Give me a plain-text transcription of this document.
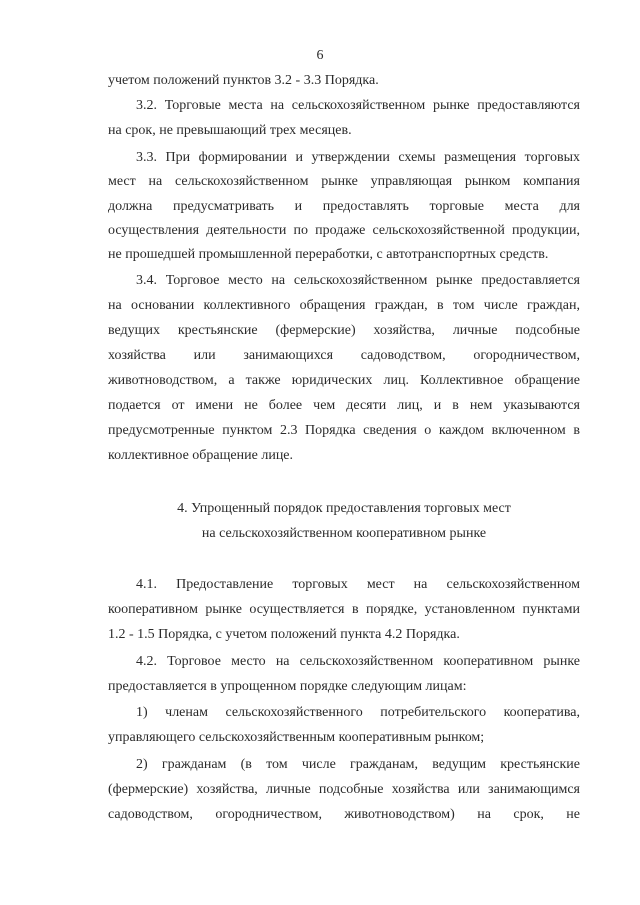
6
учетом положений пунктов 3.2 - 3.3 Порядка.
3.2. Торговые места на сельскохозяйственном рынке предоставляются
на срок, не превышающий трех месяцев.
3.3. При формировании и утверждении схемы размещения торговых
мест на сельскохозяйственном рынке управляющая рынком компания
должна предусматривать и предоставлять торговые места для
осуществления деятельности по продаже сельскохозяйственной продукции,
не прошедшей промышленной переработки, с автотранспортных средств.
3.4. Торговое место на сельскохозяйственном рынке предоставляется
на основании коллективного обращения граждан, в том числе граждан,
ведущих крестьянские (фермерские) хозяйства, личные подсобные
хозяйства или занимающихся садоводством, огородничеством,
животноводством, а также юридических лиц. Коллективное обращение
подается от имени не более чем десяти лиц, и в нем указываются
предусмотренные пунктом 2.3 Порядка сведения о каждом включенном в
коллективное обращение лице.
4. Упрощенный порядок предоставления торговых мест
на сельскохозяйственном кооперативном рынке
4.1. Предоставление торговых мест на сельскохозяйственном
кооперативном рынке осуществляется в порядке, установленном пунктами
1.2 - 1.5 Порядка, с учетом положений пункта 4.2 Порядка.
4.2. Торговое место на сельскохозяйственном кооперативном рынке
предоставляется в упрощенном порядке следующим лицам:
1) членам сельскохозяйственного потребительского кооператива,
управляющего сельскохозяйственным кооперативным рынком;
2) гражданам (в том числе гражданам, ведущим крестьянские
(фермерские) хозяйства, личные подсобные хозяйства или занимающимся
садоводством, огородничеством, животноводством) на срок, не
